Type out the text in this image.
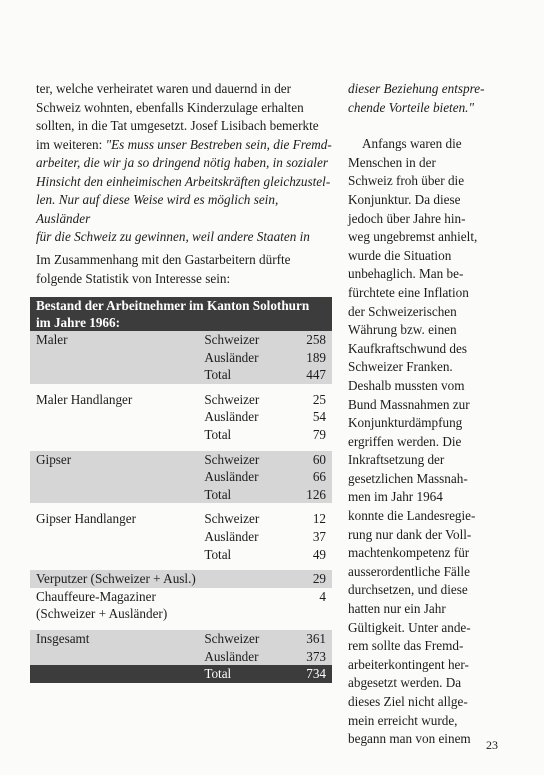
ter, welche verheiratet waren und dauernd in der

Schweiz wohnten, ebenfalls Kinderzulage erhalten

sollten, in die Tat umgesetzt. Josef Lisibach bemerkte

im weiteren: "Es muss unser Bestreben sein, die Fremd-

arbeiter, die wir ja so dringend nötig haben, in sozialer

Hinsicht den einheimischen Arbeitskräften gleichzustel-

len. Nur auf diese Weise wird es möglich sein, Ausländer

für die Schweiz zu gewinnen, weil andere Staaten in

Im Zusammenhang mit den Gastarbeitern dürfte

folgende Statistik von Interesse sein:

Bestand der Arbeitnehmer im Kanton Solothurn
im Jahre 1966:		
Maler	Schweizer	258
	Ausländer	189
	Total	447

Maler Handlanger	Schweizer	25
	Ausländer	54
	Total	79

Gipser	Schweizer	60
	Ausländer	66
	Total	126

Gipser Handlanger	Schweizer	12
	Ausländer	37
	Total	49

Verputzer (Schweizer + Ausl.)		29
Chauffeure-Magaziner		4
(Schweizer + Ausländer)		

Insgesamt	Schweizer	361
	Ausländer	373
	Total	734

dieser Beziehung entspre-

chende Vorteile bieten."

Anfangs waren die

Menschen in der

Schweiz froh über die

Konjunktur. Da diese

jedoch über Jahre hin-

weg ungebremst anhielt,

wurde die Situation

unbehaglich. Man be-

fürchtete eine Inflation

der Schweizerischen

Währung bzw. einen

Kaufkraftschwund des

Schweizer Franken.

Deshalb mussten vom

Bund Massnahmen zur

Konjunkturdämpfung

ergriffen werden. Die

Inkraftsetzung der

gesetzlichen Massnah-

men im Jahr 1964

konnte die Landesregie-

rung nur dank der Voll-

machtenkompetenz für

ausserordentliche Fälle

durchsetzen, und diese

hatten nur ein Jahr

Gültigkeit. Unter ande-

rem sollte das Fremd-

arbeiterkontingent her-

abgesetzt werden. Da

dieses Ziel nicht allge-

mein erreicht wurde,

begann man von einem	23
